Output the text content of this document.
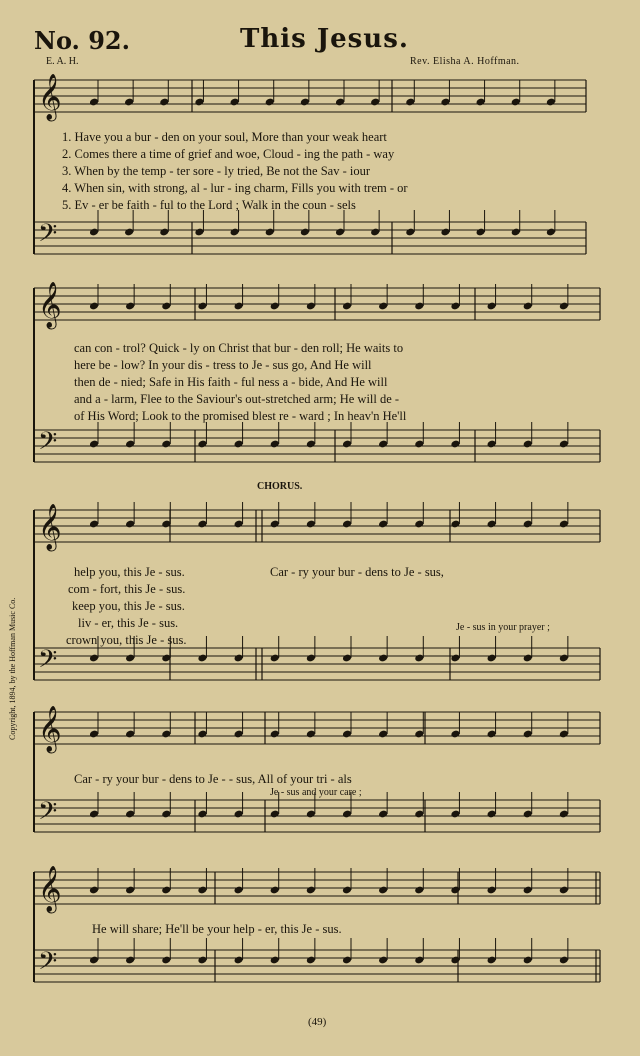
No. 92.	This Jesus.
E. A. H.	Rev. Elisha A. Hoffman.
Copyright, 1894, by the Hoffman Music Co.
𝄞
𝄢
𝄞
𝄢
𝄞
𝄢
𝄞
𝄢
𝄞
𝄢
1. Have you a bur - den on your soul, More than your weak heart
2. Comes there a time of grief and woe, Cloud - ing the path - way
3. When by the temp - ter sore - ly tried, Be not the Sav - iour
4. When sin, with strong, al - lur - ing charm, Fills you with trem - or
5. Ev - er be faith - ful to the Lord ; Walk in the coun - sels
can con - trol? Quick - ly on Christ that bur - den roll; He waits to
here be - low? In your dis - tress to Je - sus go, And He will
then de - nied; Safe in His faith - ful ness a - bide, And He will
and a - larm, Flee to the Saviour's out-stretched arm; He will de -
of His Word; Look to the promised blest re - ward ; In heav'n He'll
CHORUS.
help you, this Je - sus.
com - fort, this Je - sus.
keep you, this Je - sus.
liv - er, this Je - sus.
crown you, this Je - sus.
Car - ry your bur - dens to Je - sus,
Je - sus in your prayer ;
Car - ry your bur - dens to Je - - sus, All of your tri - als
Je - sus and your care ;
He will share; He'll be your help - er, this Je - sus.
(49)
